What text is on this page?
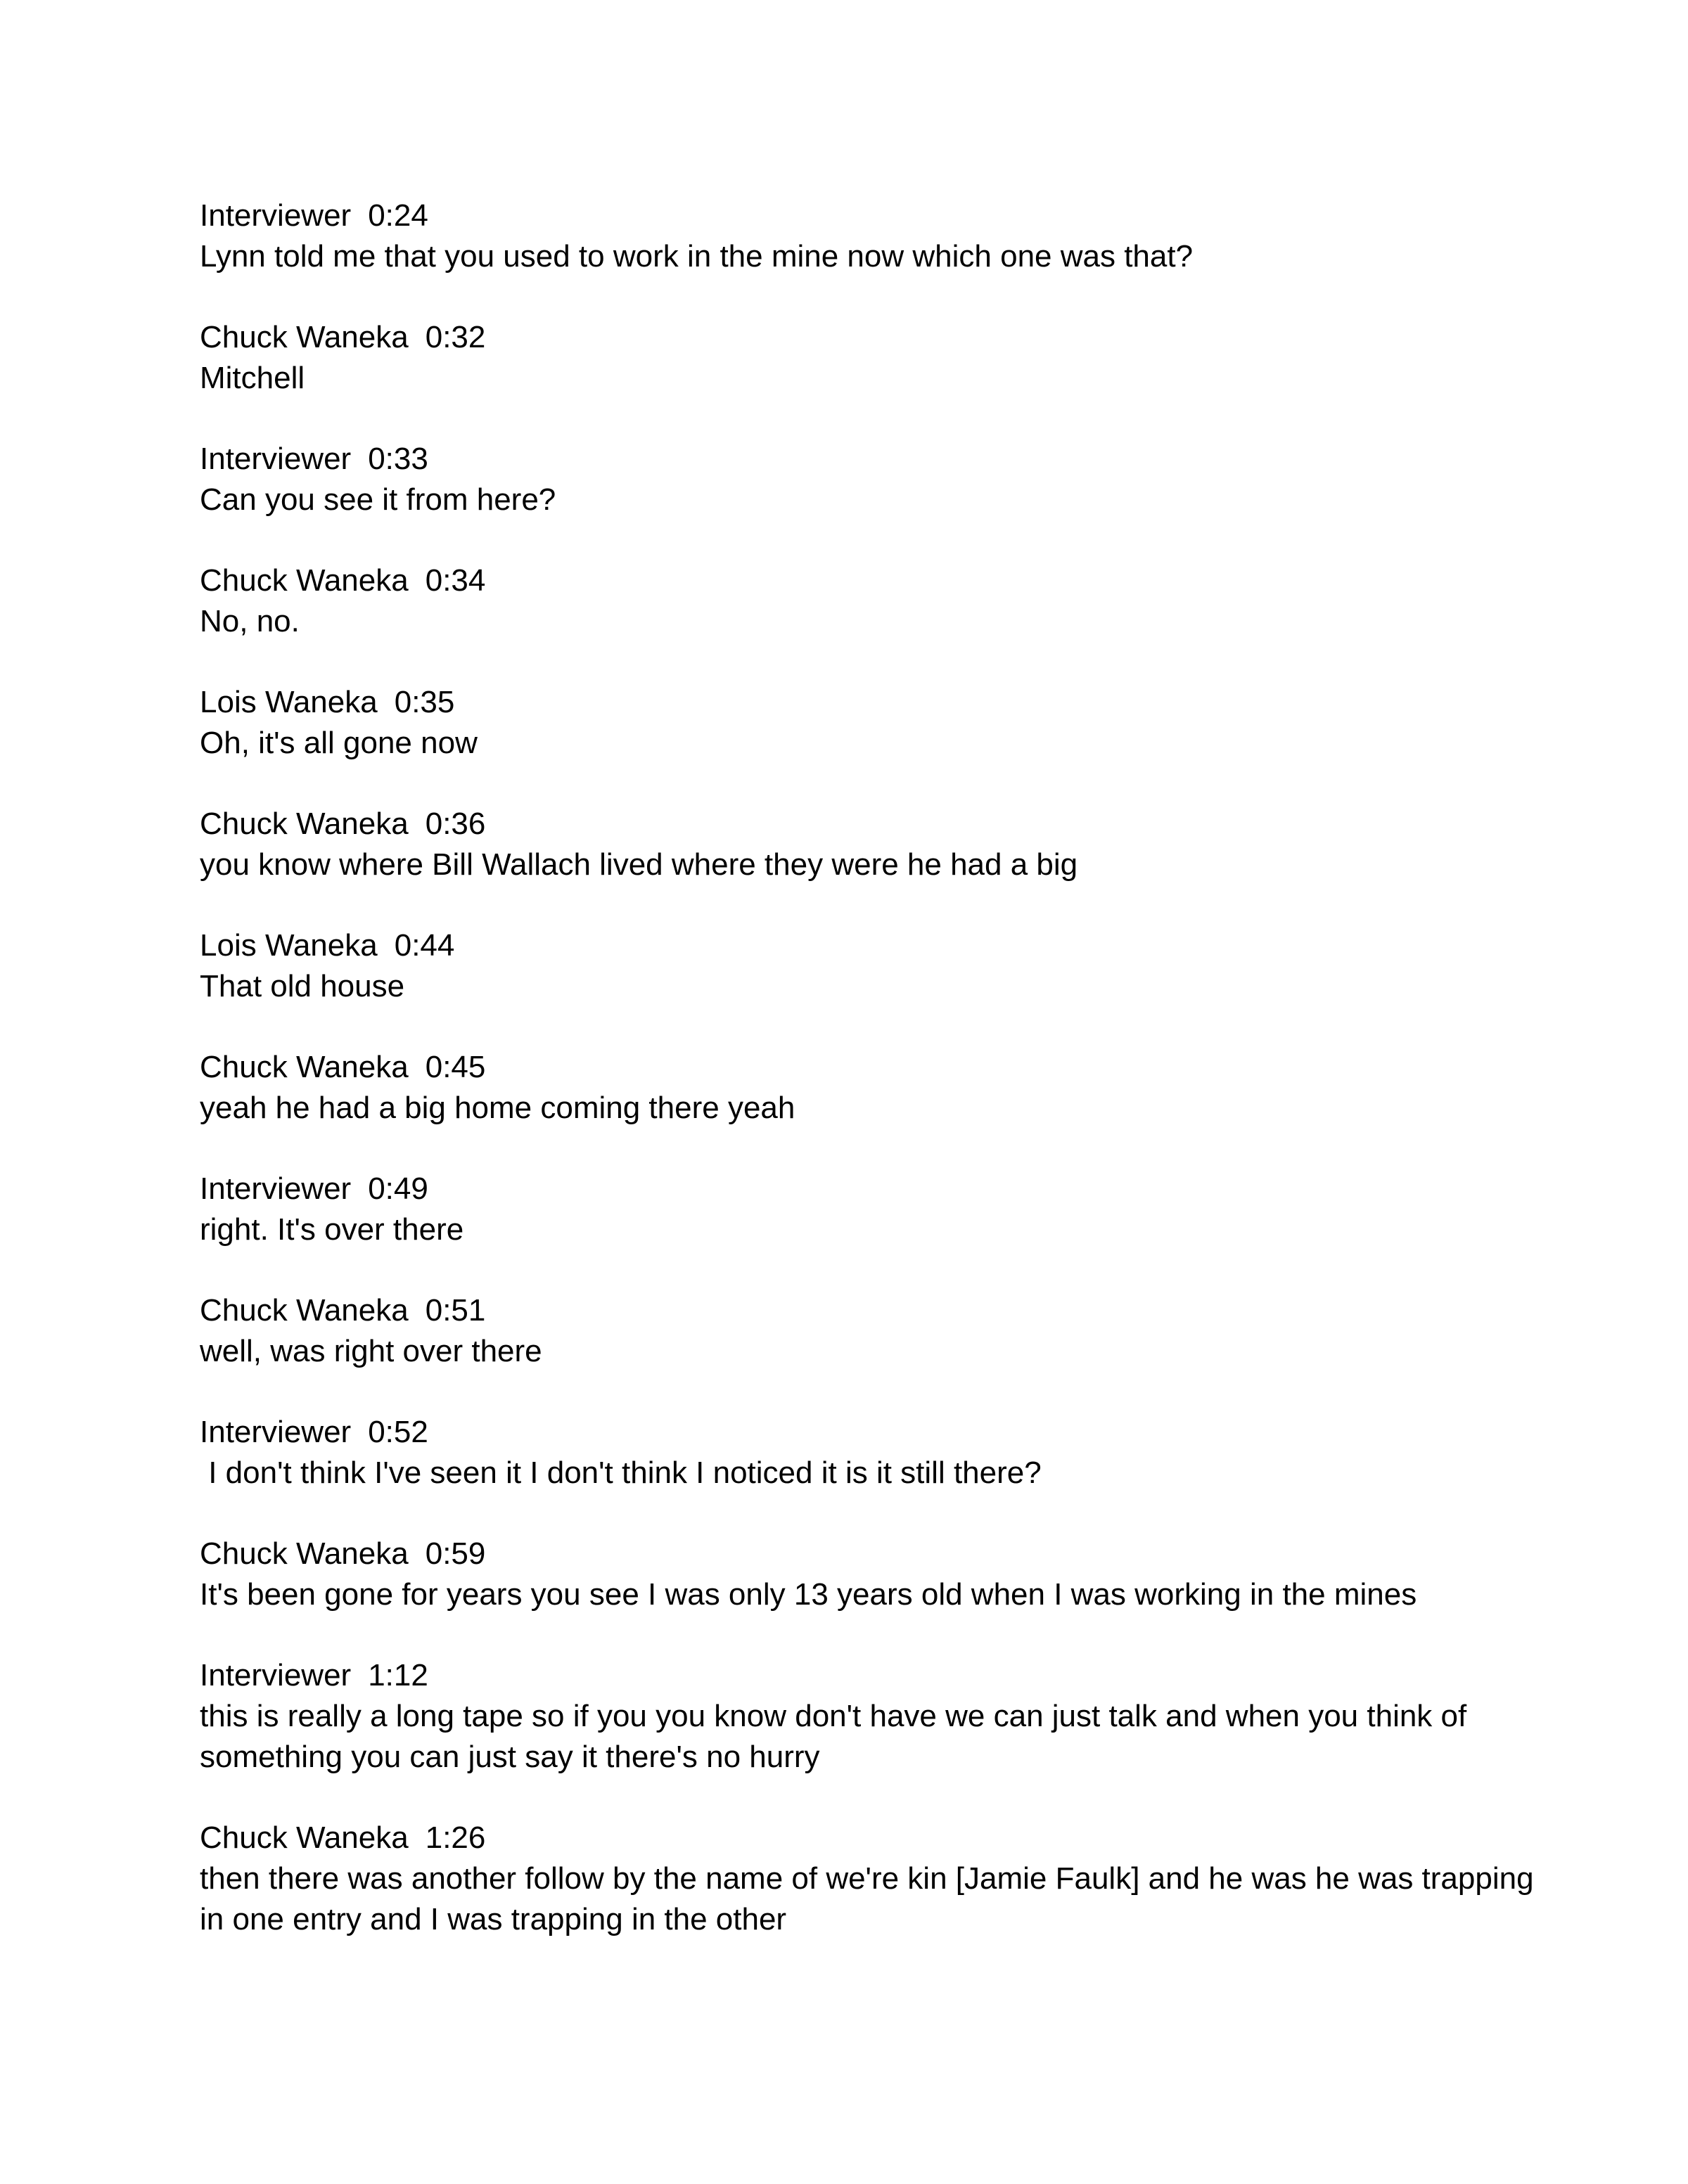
Interviewer 0:24
Lynn told me that you used to work in the mine now which one was that?
Chuck Waneka 0:32
Mitchell
Interviewer 0:33
Can you see it from here?
Chuck Waneka 0:34
No, no.
Lois Waneka 0:35
Oh, it's all gone now
Chuck Waneka 0:36
you know where Bill Wallach lived where they were he had a big
Lois Waneka 0:44
That old house
Chuck Waneka 0:45
yeah he had a big home coming there yeah
Interviewer 0:49
right. It's over there
Chuck Waneka 0:51
well, was right over there
Interviewer 0:52
I don't think I've seen it I don't think I noticed it is it still there?
Chuck Waneka 0:59
It's been gone for years you see I was only 13 years old when I was working in the mines
Interviewer 1:12
this is really a long tape so if you you know don't have we can just talk and when you think of something you can just say it there's no hurry
Chuck Waneka 1:26
then there was another follow by the name of we're kin [Jamie Faulk] and he was he was trapping in one entry and I was trapping in the other
